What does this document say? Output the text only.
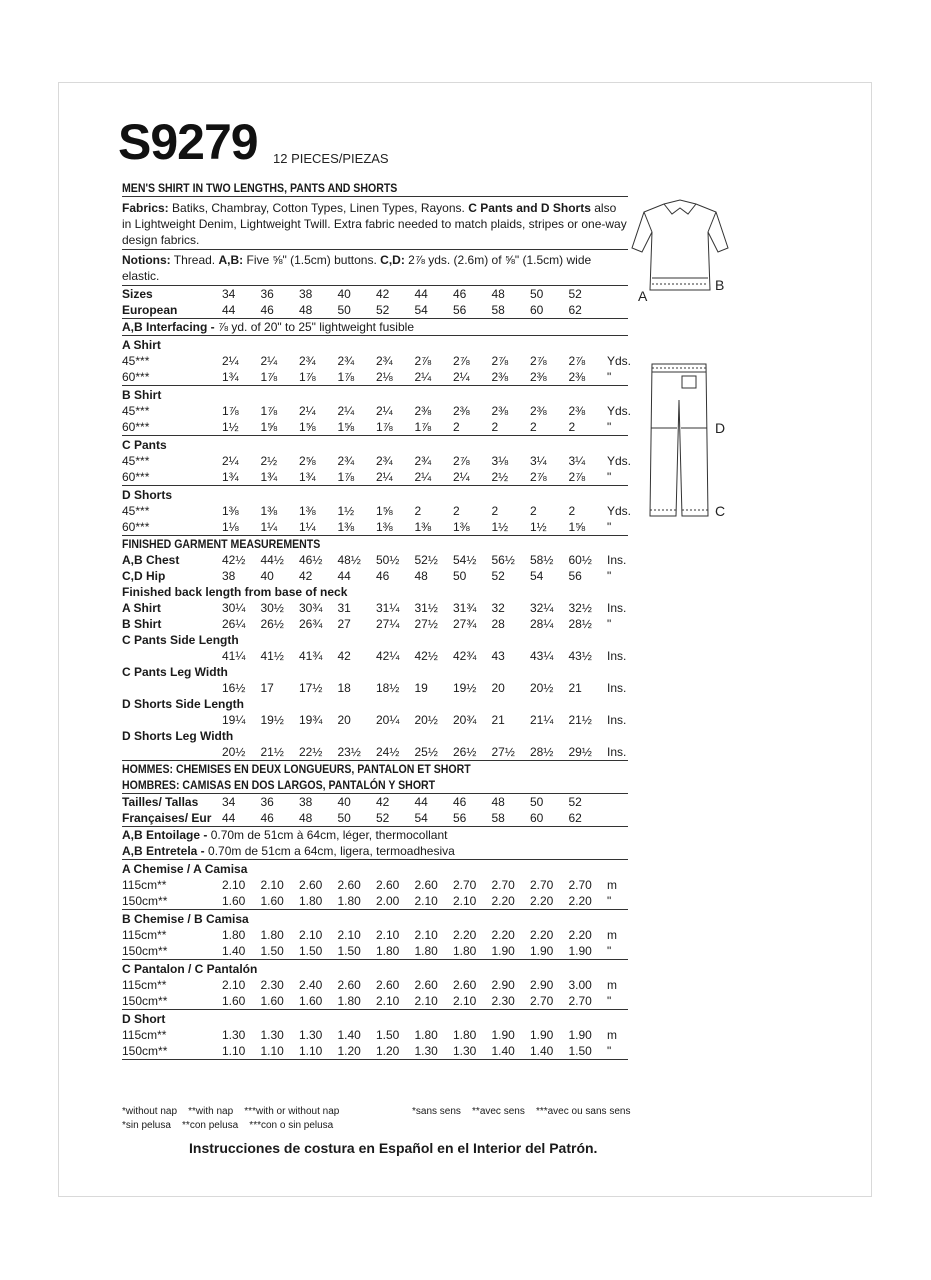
S9279 12 PIECES/PIEZAS
MEN'S SHIRT IN TWO LENGTHS, PANTS AND SHORTS
Fabrics: Batiks, Chambray, Cotton Types, Linen Types, Rayons. C Pants and D Shorts also in Lightweight Denim, Lightweight Twill. Extra fabric needed to match plaids, stripes or one-way design fabrics.
Notions: Thread. A,B: Five ⅝" (1.5cm) buttons. C,D: 2⅞ yds. (2.6m) of ⅝" (1.5cm) wide elastic.
Sizes	34	36	38	40	42	44	46	48	50	52
European	44	46	48	50	52	54	56	58	60	62
A,B Interfacing - ⅞ yd. of 20" to 25" lightweight fusible
A Shirt
45***	2¼	2¼	2¾	2¾	2¾	2⅞	2⅞	2⅞	2⅞	2⅞	Yds.
60***	1¾	1⅞	1⅞	1⅞	2⅛	2¼	2¼	2⅜	2⅜	2⅜	"
B Shirt
45***	1⅞	1⅞	2¼	2¼	2¼	2⅜	2⅜	2⅜	2⅜	2⅜	Yds.
60***	1½	1⅝	1⅝	1⅝	1⅞	1⅞	2	2	2	2	"
C Pants
45***	2¼	2½	2⅝	2¾	2¾	2¾	2⅞	3⅛	3¼	3¼	Yds.
60***	1¾	1¾	1¾	1⅞	2¼	2¼	2¼	2½	2⅞	2⅞	"
D Shorts
45***	1⅜	1⅜	1⅜	1½	1⅝	2	2	2	2	2	Yds.
60***	1⅛	1¼	1¼	1⅜	1⅜	1⅜	1⅜	1½	1½	1⅝	"
FINISHED GARMENT MEASUREMENTS
A,B Chest	42½	44½	46½	48½	50½	52½	54½	56½	58½	60½	Ins.
C,D Hip	38	40	42	44	46	48	50	52	54	56	"
Finished back length from base of neck
A Shirt	30¼	30½	30¾	31	31¼	31½	31¾	32	32¼	32½	Ins.
B Shirt	26¼	26½	26¾	27	27¼	27½	27¾	28	28¼	28½	"
C Pants Side Length
41¼	41½	41¾	42	42¼	42½	42¾	43	43¼	43½	Ins.
C Pants Leg Width
16½	17	17½	18	18½	19	19½	20	20½	21	Ins.
D Shorts Side Length
19¼	19½	19¾	20	20¼	20½	20¾	21	21¼	21½	Ins.
D Shorts Leg Width
20½	21½	22½	23½	24½	25½	26½	27½	28½	29½	Ins.
HOMMES: CHEMISES EN DEUX LONGUEURS, PANTALON ET SHORT
HOMBRES: CAMISAS EN DOS LARGOS, PANTALÓN Y SHORT
Tailles/ Tallas	34	36	38	40	42	44	46	48	50	52
Françaises/ Eur 44	46	48	50	52	54	56	58	60	62
A,B Entoilage - 0.70m de 51cm à 64cm, léger, thermocollant
A,B Entretela - 0.70m de 51cm a 64cm, ligera, termoadhesiva
A Chemise / A Camisa
115cm**	2.10	2.10	2.60	2.60	2.60	2.60	2.70	2.70	2.70	2.70	m
150cm**	1.60	1.60	1.80	1.80	2.00	2.10	2.10	2.20	2.20	2.20	"
B Chemise / B Camisa
115cm**	1.80	1.80	2.10	2.10	2.10	2.10	2.20	2.20	2.20	2.20	m
150cm**	1.40	1.50	1.50	1.50	1.80	1.80	1.80	1.90	1.90	1.90	"
C Pantalon / C Pantalón
115cm**	2.10	2.30	2.40	2.60	2.60	2.60	2.60	2.90	2.90	3.00	m
150cm**	1.60	1.60	1.60	1.80	2.10	2.10	2.10	2.30	2.70	2.70	"
D Short
115cm**	1.30	1.30	1.30	1.40	1.50	1.80	1.80	1.90	1.90	1.90	m
150cm**	1.10	1.10	1.10	1.20	1.20	1.30	1.30	1.40	1.40	1.50	"
*without nap    **with nap    ***with or without nap
*sin pelusa    **con pelusa    ***con o sin pelusa
*sans sens    **avec sens    ***avec ou sans sens
Instrucciones de costura en Español en el Interior del Patrón.
A
B
D
C
